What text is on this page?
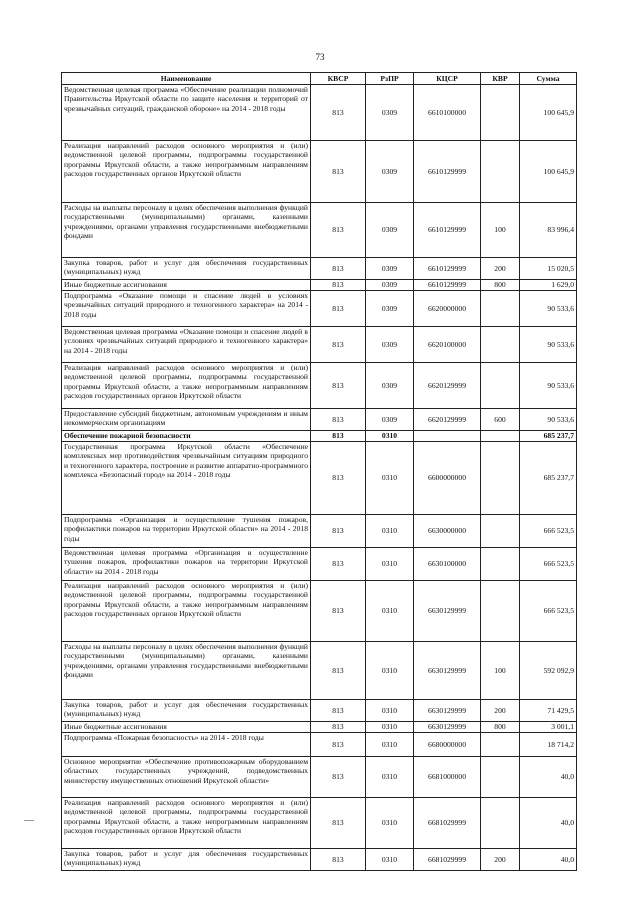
73
Наименование	КВСР	РзПР	КЦСР	КВР	Сумма
Ведомственная целевая программа «Обеспечение реализации полномочий Правительства Иркутской области по защите населения и территорий от чрезвычайных ситуаций, гражданской обороне» на 2014 - 2018 годы	813	0309	6610100000		100 645,9
Реализация направлений расходов основного мероприятия и (или) ведомственной целевой программы, подпрограммы государственной программы Иркутской области, а также непрограммным направлениям расходов государственных органов Иркутской области	813	0309	6610129999		100 645,9
Расходы на выплаты персоналу в целях обеспечения выполнения функций государственными (муниципальными) органами, казенными учреждениями, органами управления государственными внебюджетными фондами	813	0309	6610129999	100	83 996,4
Закупка товаров, работ и услуг для обеспечения государственных (муниципальных) нужд	813	0309	6610129999	200	15 020,5
Иные бюджетные ассигнования	813	0309	6610129999	800	1 629,0
Подпрограмма «Оказание помощи и спасение людей в условиях чрезвычайных ситуаций природного и техногенного характера» на 2014 - 2018 годы	813	0309	6620000000		90 533,6
Ведомственная целевая программа «Оказание помощи и спасение людей в условиях чрезвычайных ситуаций природного и техногенного характера» на 2014 - 2018 годы	813	0309	6620100000		90 533,6
Реализация направлений расходов основного мероприятия и (или) ведомственной целевой программы, подпрограммы государственной программы Иркутской области, а также непрограммным направлениям расходов государственных органов Иркутской области	813	0309	6620129999		90 533,6
Предоставление субсидий бюджетным, автономным учреждениям и иным некоммерческим организациям	813	0309	6620129999	600	90 533,6
Обеспечение пожарной безопасности	813	0310			685 237,7
Государственная программа Иркутской области «Обеспечение комплексных мер противодействия чрезвычайным ситуациям природного и техногенного характера, построение и развитие аппаратно-программного комплекса «Безопасный город» на 2014 - 2018 годы	813	0310	6600000000		685 237,7
Подпрограмма «Организация и осуществление тушения пожаров, профилактики пожаров на территории Иркутской области» на 2014 - 2018 годы	813	0310	6630000000		666 523,5
Ведомственная целевая программа «Организация и осуществление тушения пожаров, профилактики пожаров на территории Иркутской области» на 2014 - 2018 годы	813	0310	6630100000		666 523,5
Реализация направлений расходов основного мероприятия и (или) ведомственной целевой программы, подпрограммы государственной программы Иркутской области, а также непрограммным направлениям расходов государственных органов Иркутской области	813	0310	6630129999		666 523,5
Расходы на выплаты персоналу в целях обеспечения выполнения функций государственными (муниципальными) органами, казенными учреждениями, органами управления государственными внебюджетными фондами	813	0310	6630129999	100	592 092,9
Закупка товаров, работ и услуг для обеспечения государственных (муниципальных) нужд	813	0310	6630129999	200	71 429,5
Иные бюджетные ассигнования	813	0310	6630129999	800	3 001,1
Подпрограмма «Пожарная безопасность» на 2014 - 2018 годы	813	0310	6680000000		18 714,2
Основное мероприятие «Обеспечение противопожарным оборудованием областных государственных учреждений, подведомственных министерству имущественных отношений Иркутской области»	813	0310	6681000000		40,0
Реализация направлений расходов основного мероприятия и (или) ведомственной целевой программы, подпрограммы государственной программы Иркутской области, а также непрограммным направлениям расходов государственных органов Иркутской области	813	0310	6681029999		40,0
Закупка товаров, работ и услуг для обеспечения государственных (муниципальных) нужд	813	0310	6681029999	200	40,0
